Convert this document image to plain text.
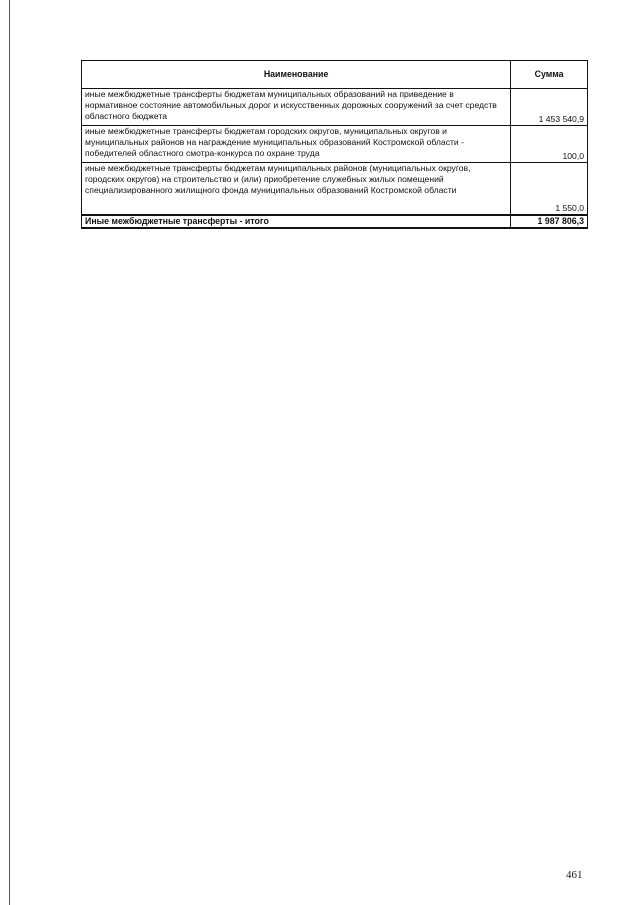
Наименование	Сумма
иные межбюджетные трансферты бюджетам муниципальных образований на приведение в нормативное состояние автомобильных дорог и искусственных дорожных сооружений за счет средств областного бюджета	1 453 540,9
иные межбюджетные трансферты бюджетам городских округов, муниципальных округов и муниципальных районов на награждение муниципальных образований Костромской области - победителей областного смотра-конкурса по охране труда	100,0
иные межбюджетные трансферты бюджетам муниципальных районов (муниципальных округов, городских округов) на строительство и (или) приобретение служебных жилых помещений специализированного жилищного фонда муниципальных образований Костромской области	1 550,0
Иные межбюджетные трансферты - итого	1 987 806,3
461
